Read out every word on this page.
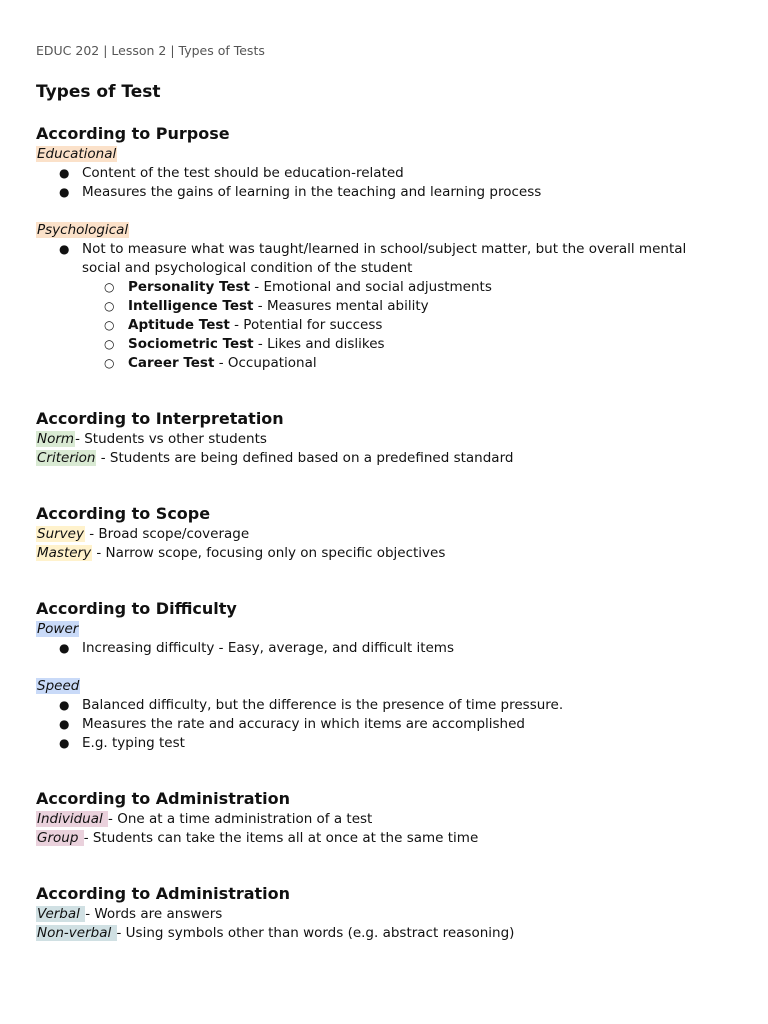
EDUC 202 | Lesson 2 | Types of Tests
Types of Test
According to Purpose
Educational
● Content of the test should be education-related
● Measures the gains of learning in the teaching and learning process
Psychological
● Not to measure what was taught/learned in school/subject matter, but the overall mental social and psychological condition of the student
○ Personality Test - Emotional and social adjustments
○ Intelligence Test - Measures mental ability
○ Aptitude Test - Potential for success
○ Sociometric Test - Likes and dislikes
○ Career Test - Occupational
According to Interpretation
Norm- Students vs other students
Criterion - Students are being defined based on a predefined standard
According to Scope
Survey - Broad scope/coverage
Mastery - Narrow scope, focusing only on specific objectives
According to Difficulty
Power
● Increasing difficulty - Easy, average, and difficult items
Speed
● Balanced difficulty, but the difference is the presence of time pressure.
● Measures the rate and accuracy in which items are accomplished
● E.g. typing test
According to Administration
Individual - One at a time administration of a test
Group - Students can take the items all at once at the same time
According to Administration
Verbal - Words are answers
Non-verbal - Using symbols other than words (e.g. abstract reasoning)
